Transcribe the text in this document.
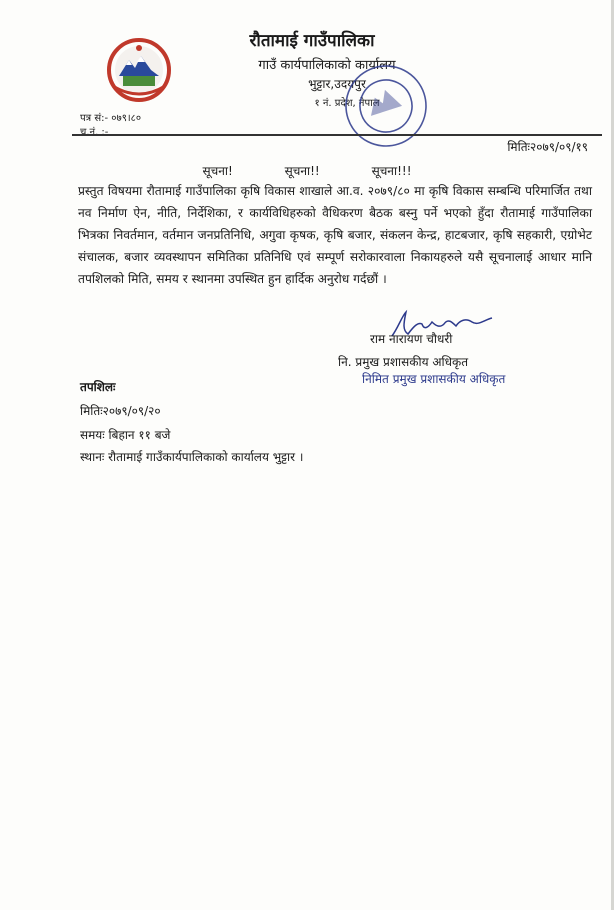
रौतामाई गाउँपालिका
गाउँ कार्यपालिकाको कार्यालय
भुट्टार,उदयपुर
१ नं. प्रदेश, नेपाल
पत्र सं:- ०७९।८०
च.नं. :-
मितिः२०७९/०९/१९
सूचना!	सूचना!!	सूचना!!!
प्रस्तुत विषयमा रौतामाई गाउँपालिका कृषि विकास शाखाले आ.व. २०७९/८० मा कृषि विकास सम्बन्धि परिमार्जित तथा नव निर्माण ऐन, नीति, निर्देशिका, र कार्यविधिहरुको वैधिकरण बैठक बस्नु पर्ने भएको हुँदा रौतामाई गाउँपालिका भित्रका निवर्तमान, वर्तमान जनप्रतिनिधि, अगुवा कृषक, कृषि बजार, संकलन केन्द्र, हाटबजार, कृषि सहकारी, एग्रोभेट संचालक, बजार व्यवस्थापन समितिका प्रतिनिधि एवं सम्पूर्ण सरोकारवाला निकायहरुले यसै सूचनालाई आधार मानि तपशिलको मिति, समय र स्थानमा उपस्थित हुन हार्दिक अनुरोध गर्दछौं ।
राम नारायण चौधरी
नि. प्रमुख प्रशासकीय अधिकृत
निमित प्रमुख प्रशासकीय अधिकृत
तपशिलः
मितिः२०७९/०९/२०
समयः बिहान ११ बजे
स्थानः रौतामाई गाउँकार्यपालिकाको कार्यालय भुट्टार ।
